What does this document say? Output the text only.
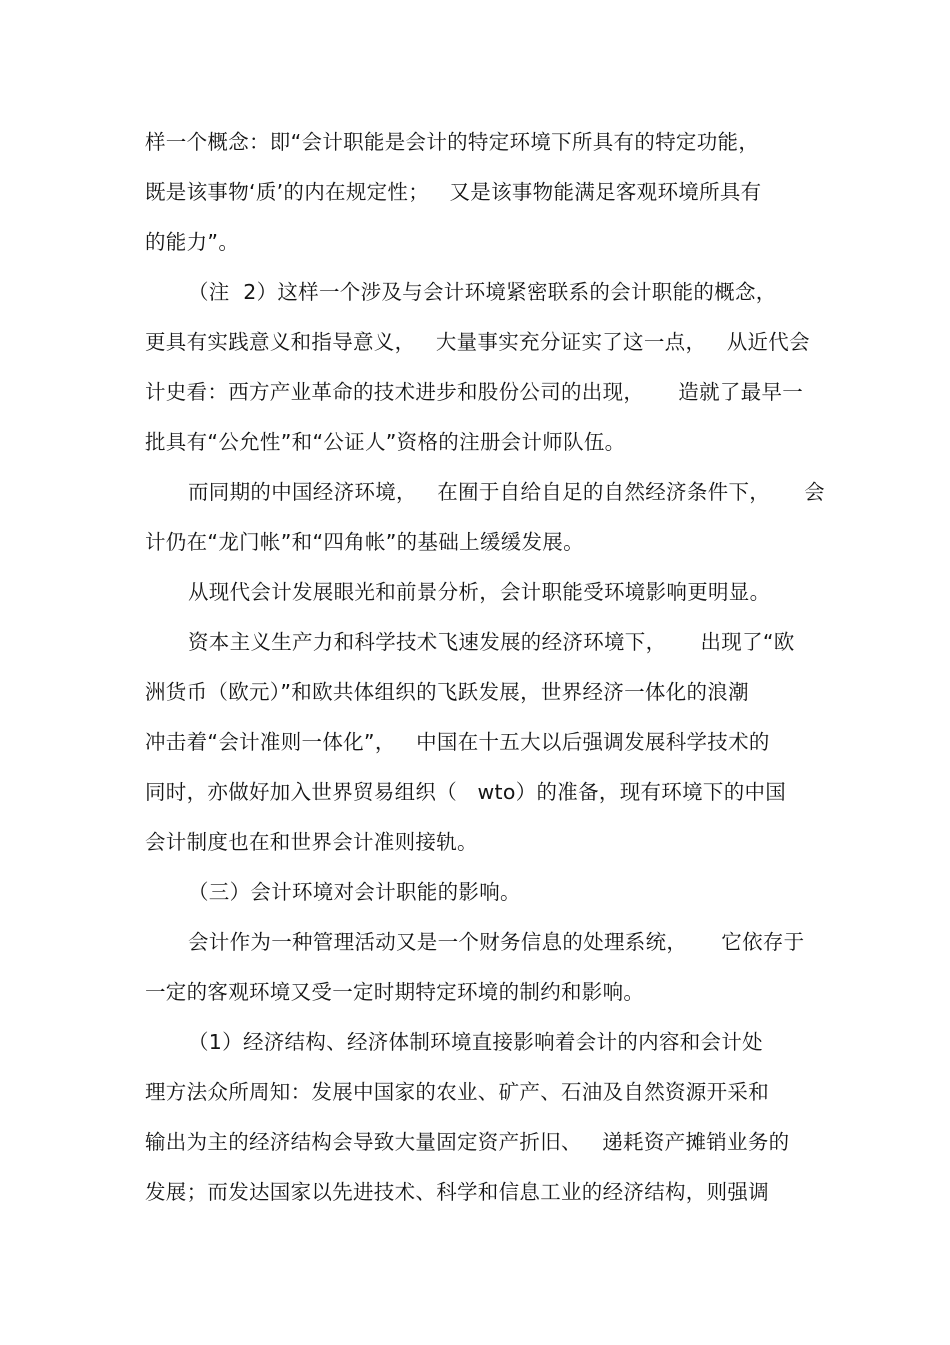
样一个概念：即“会计职能是会计的特定环境下所具有的特定功能，
既是该事物‘质’的内在规定性；   又是该事物能满足客观环境所具有
的能力”。
（注  2）这样一个涉及与会计环境紧密联系的会计职能的概念，
更具有实践意义和指导意义，   大量事实充分证实了这一点，   从近代会
计史看：西方产业革命的技术进步和股份公司的出现，     造就了最早一
批具有“公允性”和“公证人”资格的注册会计师队伍。
而同期的中国经济环境，   在囿于自给自足的自然经济条件下，     会
计仍在“龙门帐”和“四角帐”的基础上缓缓发展。
从现代会计发展眼光和前景分析，会计职能受环境影响更明显。
资本主义生产力和科学技术飞速发展的经济环境下，     出现了“欧
洲货币（欧元）”和欧共体组织的飞跃发展，世界经济一体化的浪潮
冲击着“会计准则一体化”，   中国在十五大以后强调发展科学技术的
同时，亦做好加入世界贸易组织（   wto）的准备，现有环境下的中国
会计制度也在和世界会计准则接轨。
（三）会计环境对会计职能的影响。
会计作为一种管理活动又是一个财务信息的处理系统，     它依存于
一定的客观环境又受一定时期特定环境的制约和影响。
（1）经济结构、经济体制环境直接影响着会计的内容和会计处
理方法众所周知：发展中国家的农业、矿产、石油及自然资源开采和
输出为主的经济结构会导致大量固定资产折旧、   递耗资产摊销业务的
发展；而发达国家以先进技术、科学和信息工业的经济结构，则强调
